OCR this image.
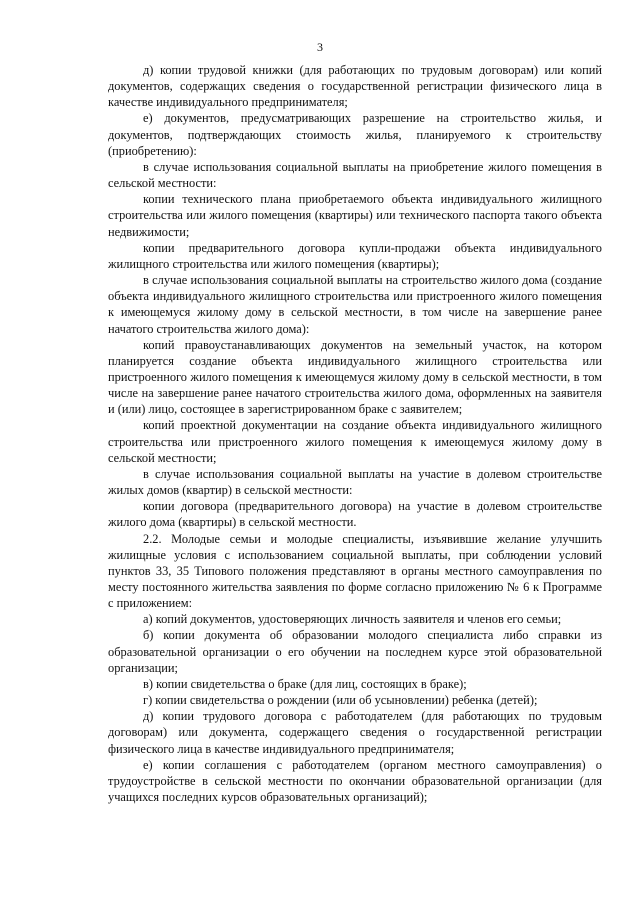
3

д) копии трудовой книжки (для работающих по трудовым договорам) или копий документов, содержащих сведения о государственной регистрации физического лица в качестве индивидуального предпринимателя;

е) документов, предусматривающих разрешение на строительство жилья, и документов, подтверждающих стоимость жилья, планируемого к строительству (приобретению):

в случае использования социальной выплаты на приобретение жилого помещения в сельской местности:

копии технического плана приобретаемого объекта индивидуального жилищного строительства или жилого помещения (квартиры) или технического паспорта такого объекта недвижимости;

копии предварительного договора купли-продажи объекта индивидуального жилищного строительства или жилого помещения (квартиры);

в случае использования социальной выплаты на строительство жилого дома (создание объекта индивидуального жилищного строительства или пристроенного жилого помещения к имеющемуся жилому дому в сельской местности, в том числе на завершение ранее начатого строительства жилого дома):

копий правоустанавливающих документов на земельный участок, на котором планируется создание объекта индивидуального жилищного строительства или пристроенного жилого помещения к имеющемуся жилому дому в сельской местности, в том числе на завершение ранее начатого строительства жилого дома, оформленных на заявителя и (или) лицо, состоящее в зарегистрированном браке с заявителем;

копий проектной документации на создание объекта индивидуального жилищного строительства или пристроенного жилого помещения к имеющемуся жилому дому в сельской местности;

в случае использования социальной выплаты на участие в долевом строительстве жилых домов (квартир) в сельской местности:

копии договора (предварительного договора) на участие в долевом строительстве жилого дома (квартиры) в сельской местности.

2.2. Молодые семьи и молодые специалисты, изъявившие желание улучшить жилищные условия с использованием социальной выплаты, при соблюдении условий пунктов 33, 35 Типового положения представляют в органы местного самоуправления по месту постоянного жительства заявления по форме согласно приложению № 6 к Программе с приложением:

а) копий документов, удостоверяющих личность заявителя и членов его семьи;

б) копии документа об образовании молодого специалиста либо справки из образовательной организации о его обучении на последнем курсе этой образовательной организации;

в) копии свидетельства о браке (для лиц, состоящих в браке);

г) копии свидетельства о рождении (или об усыновлении) ребенка (детей);

д) копии трудового договора с работодателем (для работающих по трудовым договорам) или документа, содержащего сведения о государственной регистрации физического лица в качестве индивидуального предпринимателя;

е) копии соглашения с работодателем (органом местного самоуправления) о трудоустройстве в сельской местности по окончании образовательной организации (для учащихся последних курсов образовательных организаций);
